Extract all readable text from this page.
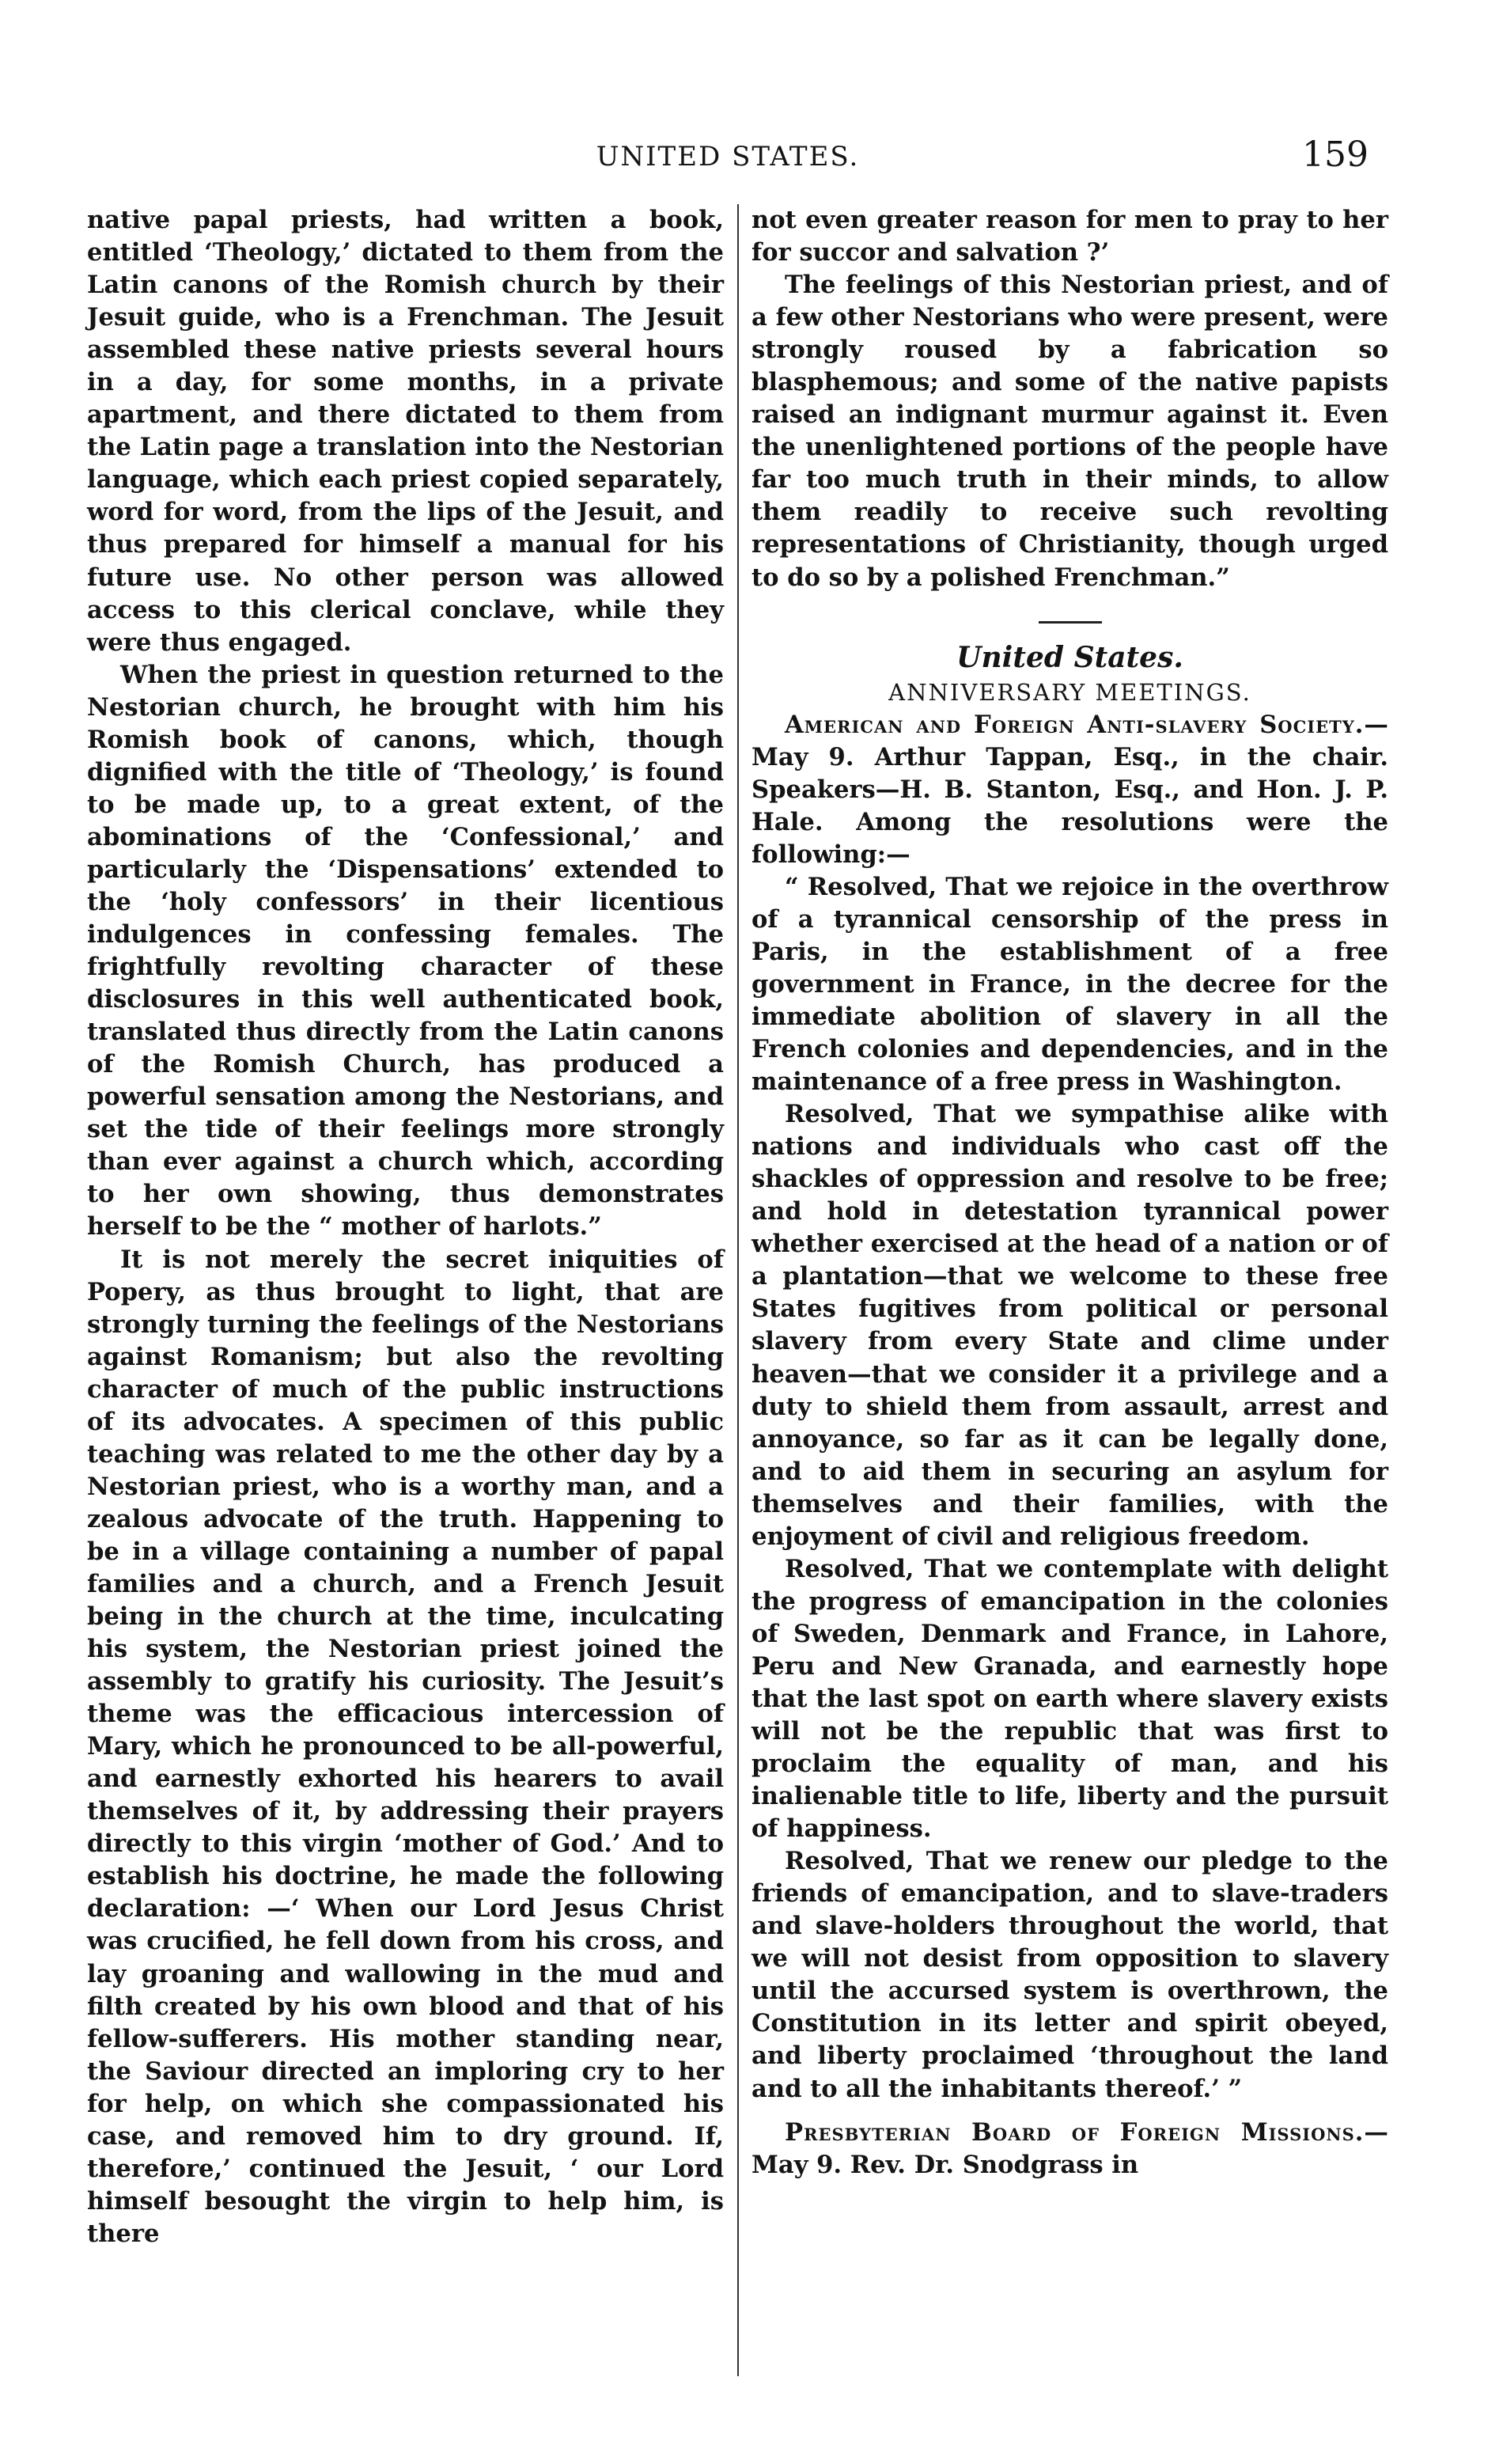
UNITED STATES.	159

native papal priests, had written a book, entitled ‘Theology,’ dictated to them from the Latin canons of the Romish church by their Jesuit guide, who is a Frenchman. The Jesuit assembled these native priests several hours in a day, for some months, in a private apartment, and there dictated to them from the Latin page a translation into the Nestorian language, which each priest copied separately, word for word, from the lips of the Jesuit, and thus prepared for himself a manual for his future use. No other person was allowed access to this clerical conclave, while they were thus engaged.

When the priest in question returned to the Nestorian church, he brought with him his Romish book of canons, which, though dignified with the title of ‘Theology,’ is found to be made up, to a great extent, of the abominations of the ‘Confessional,’ and particularly the ‘Dispensations’ extended to the ‘holy confessors’ in their licentious indulgences in confessing females. The frightfully revolting character of these disclosures in this well authenticated book, translated thus directly from the Latin canons of the Romish Church, has produced a powerful sensation among the Nestorians, and set the tide of their feelings more strongly than ever against a church which, according to her own showing, thus demonstrates herself to be the “ mother of harlots.”

It is not merely the secret iniquities of Popery, as thus brought to light, that are strongly turning the feelings of the Nestorians against Romanism; but also the revolting character of much of the public instructions of its advocates. A specimen of this public teaching was related to me the other day by a Nestorian priest, who is a worthy man, and a zealous advocate of the truth. Happening to be in a village containing a number of papal families and a church, and a French Jesuit being in the church at the time, inculcating his system, the Nestorian priest joined the assembly to gratify his curiosity. The Jesuit’s theme was the efficacious intercession of Mary, which he pronounced to be all-powerful, and earnestly exhorted his hearers to avail themselves of it, by addressing their prayers directly to this virgin ‘mother of God.’ And to establish his doctrine, he made the following declaration: —‘ When our Lord Jesus Christ was crucified, he fell down from his cross, and lay groaning and wallowing in the mud and filth created by his own blood and that of his fellow-sufferers. His mother standing near, the Saviour directed an imploring cry to her for help, on which she compassionated his case, and removed him to dry ground. If, therefore,’ continued the Jesuit, ‘ our Lord himself besought the virgin to help him, is there

not even greater reason for men to pray to her for succor and salvation ?’

The feelings of this Nestorian priest, and of a few other Nestorians who were present, were strongly roused by a fabrication so blasphemous; and some of the native papists raised an indignant murmur against it. Even the unenlightened portions of the people have far too much truth in their minds, to allow them readily to receive such revolting representations of Christianity, though urged to do so by a polished Frenchman.”

United States.
ANNIVERSARY MEETINGS.

American and Foreign Anti-slavery Society.—May 9. Arthur Tappan, Esq., in the chair. Speakers—H. B. Stanton, Esq., and Hon. J. P. Hale. Among the resolutions were the following:—

“ Resolved, That we rejoice in the overthrow of a tyrannical censorship of the press in Paris, in the establishment of a free government in France, in the decree for the immediate abolition of slavery in all the French colonies and dependencies, and in the maintenance of a free press in Washington.

Resolved, That we sympathise alike with nations and individuals who cast off the shackles of oppression and resolve to be free; and hold in detestation tyrannical power whether exercised at the head of a nation or of a plantation—that we welcome to these free States fugitives from political or personal slavery from every State and clime under heaven—that we consider it a privilege and a duty to shield them from assault, arrest and annoyance, so far as it can be legally done, and to aid them in securing an asylum for themselves and their families, with the enjoyment of civil and religious freedom.

Resolved, That we contemplate with delight the progress of emancipation in the colonies of Sweden, Denmark and France, in Lahore, Peru and New Granada, and earnestly hope that the last spot on earth where slavery exists will not be the republic that was first to proclaim the equality of man, and his inalienable title to life, liberty and the pursuit of happiness.

Resolved, That we renew our pledge to the friends of emancipation, and to slave-traders and slave-holders throughout the world, that we will not desist from opposition to slavery until the accursed system is overthrown, the Constitution in its letter and spirit obeyed, and liberty proclaimed ‘throughout the land and to all the inhabitants thereof.’ ”

Presbyterian Board of Foreign Missions.—May 9. Rev. Dr. Snodgrass in
